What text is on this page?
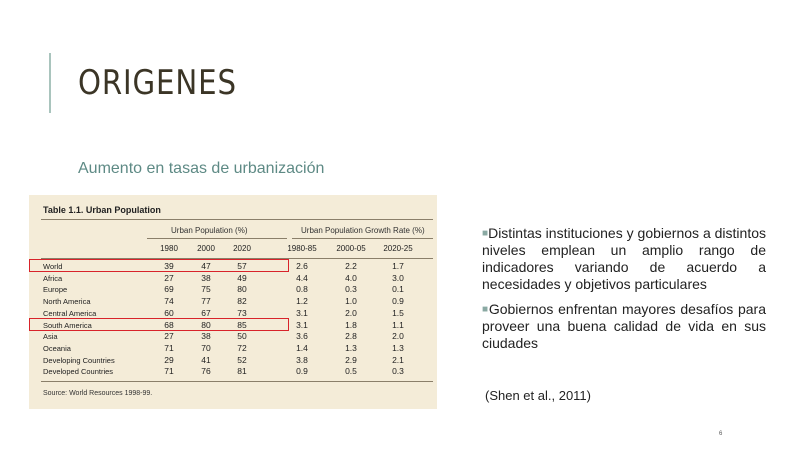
ORIGENES
Aumento en tasas de urbanización
Table 1.1. Urban Population
Urban Population (%)	Urban Population Growth Rate (%)
1980	2000	2020	1980-85	2000-05	2020-25
World	39	47	57	2.6	2.2	1.7
Africa	27	38	49	4.4	4.0	3.0
Europe	69	75	80	0.8	0.3	0.1
North America	74	77	82	1.2	1.0	0.9
Central America	60	67	73	3.1	2.0	1.5
South America	68	80	85	3.1	1.8	1.1
Asia	27	38	50	3.6	2.8	2.0
Oceania	71	70	72	1.4	1.3	1.3
Developing Countries	29	41	52	3.8	2.9	2.1
Developed Countries	71	76	81	0.9	0.5	0.3
Source: World Resources 1998-99.
■Distintas instituciones y gobiernos a distintos niveles emplean un amplio rango de indicadores variando de acuerdo a necesidades y objetivos particulares
■Gobiernos enfrentan mayores desafíos para proveer una buena calidad de vida en sus ciudades
(Shen et al., 2011)
6
